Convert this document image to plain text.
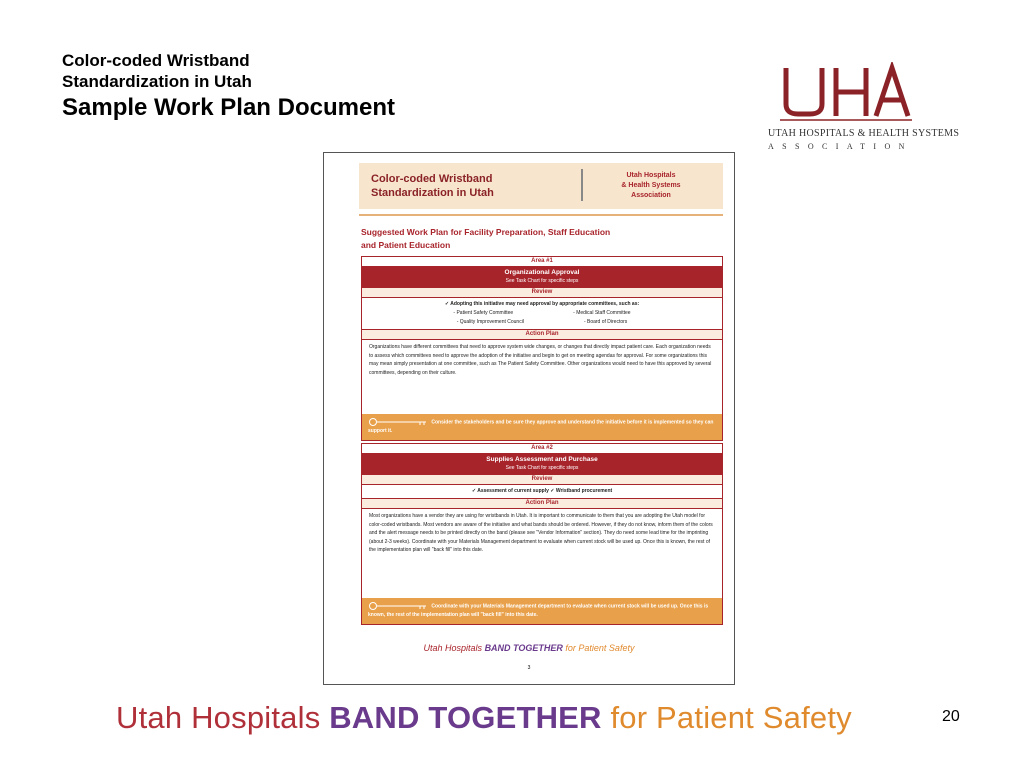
Color-coded Wristband
Standardization in Utah
Sample Work Plan Document
UTAH HOSPITALS & HEALTH SYSTEMS
ASSOCIATION
Color-coded Wristband
Standardization in Utah
Utah Hospitals
& Health Systems
Association
Suggested Work Plan for Facility Preparation, Staff Education
and Patient Education
Area #1
Organizational Approval
See Task Chart for specific steps
Review
✓ Adopting this initiative may need approval by appropriate committees, such as:
- Patient Safety Committee	- Medical Staff Committee
- Quality Improvement Council	- Board of Directors
Action Plan
Organizations have different committees that need to approve system wide changes, or changes that directly impact patient care. Each organization needs to assess which committees need to approve the adoption of the initiative and begin to get on meeting agendas for approval. For some organizations this may mean simply presentation at one committee, such as The Patient Safety Committee. Other organizations would need to have this approved by several committees, depending on their culture.
Consider the stakeholders and be sure they approve and understand the initiative before it is implemented so they can support it.
Area #2
Supplies Assessment and Purchase
See Task Chart for specific steps
Review
✓ Assessment of current supply ✓ Wristband procurement
Action Plan
Most organizations have a vendor they are using for wristbands in Utah. It is important to communicate to them that you are adopting the Utah model for color-coded wristbands. Most vendors are aware of the initiative and what bands should be ordered. However, if they do not know, inform them of the colors and the alert message needs to be printed directly on the band (please see "Vendor Information" section). They do need some lead time for the imprinting (about 2-3 weeks). Coordinate with your Materials Management department to evaluate when current stock will be used up. Once this is known, the rest of the implementation plan will "back fill" into this date.
Coordinate with your Materials Management department to evaluate when current stock will be used up. Once this is known, the rest of the implementation plan will "back fill" into this date.
Utah Hospitals BAND TOGETHER for Patient Safety
3
Utah Hospitals BAND TOGETHER for Patient Safety	20
